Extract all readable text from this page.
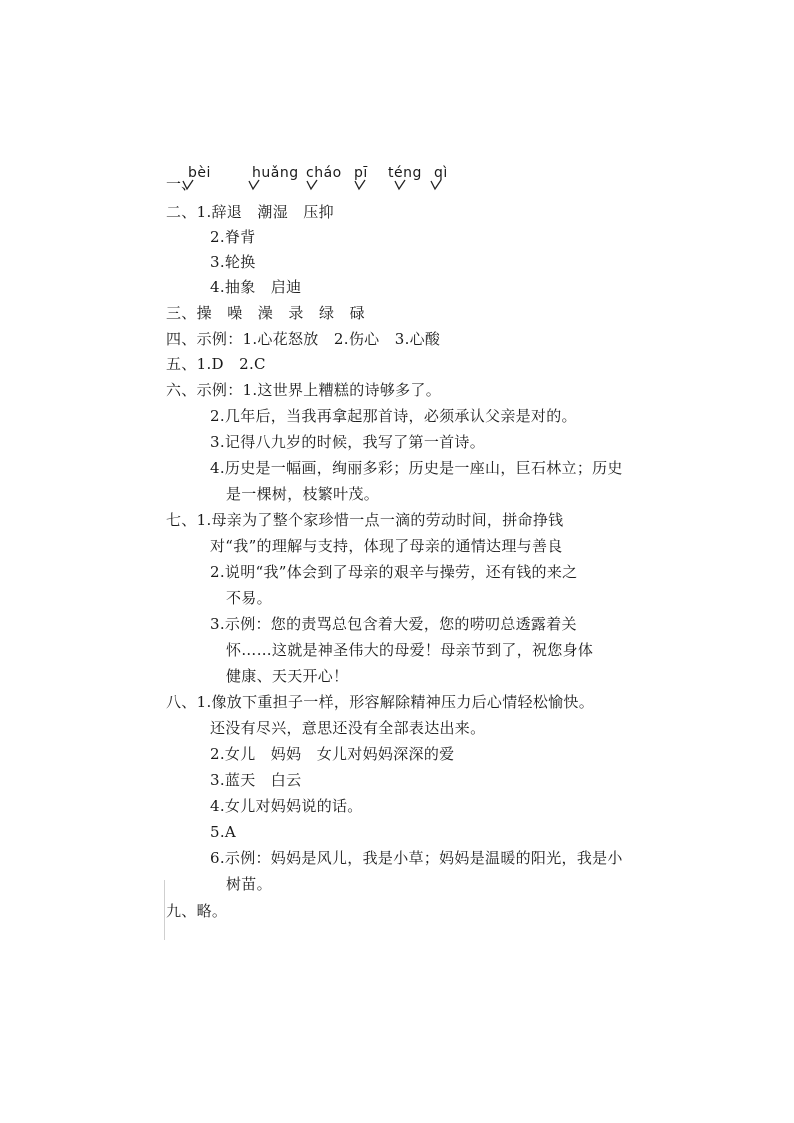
一、
bèi	huǎng cháo pī téng qì
二、1.辞退　潮湿　压抑
2.脊背
3.轮换
4.抽象　启迪
三、操　噪　澡　录　绿　碌
四、示例：1.心花怒放　2.伤心　3.心酸
五、1.D　2.C
六、示例：1.这世界上糟糕的诗够多了。
2.几年后，当我再拿起那首诗，必须承认父亲是对的。
3.记得八九岁的时候，我写了第一首诗。
4.历史是一幅画，绚丽多彩；历史是一座山，巨石林立；历史
是一棵树，枝繁叶茂。
七、1.母亲为了整个家珍惜一点一滴的劳动时间，拼命挣钱
对“我”的理解与支持，体现了母亲的通情达理与善良
2.说明“我”体会到了母亲的艰辛与操劳，还有钱的来之
不易。
3.示例：您的责骂总包含着大爱，您的唠叨总透露着关
怀……这就是神圣伟大的母爱！母亲节到了，祝您身体
健康、天天开心！
八、1.像放下重担子一样，形容解除精神压力后心情轻松愉快。
还没有尽兴，意思还没有全部表达出来。
2.女儿　妈妈　女儿对妈妈深深的爱
3.蓝天　白云
4.女儿对妈妈说的话。
5.A
6.示例：妈妈是风儿，我是小草；妈妈是温暖的阳光，我是小
树苗。
九、略。
